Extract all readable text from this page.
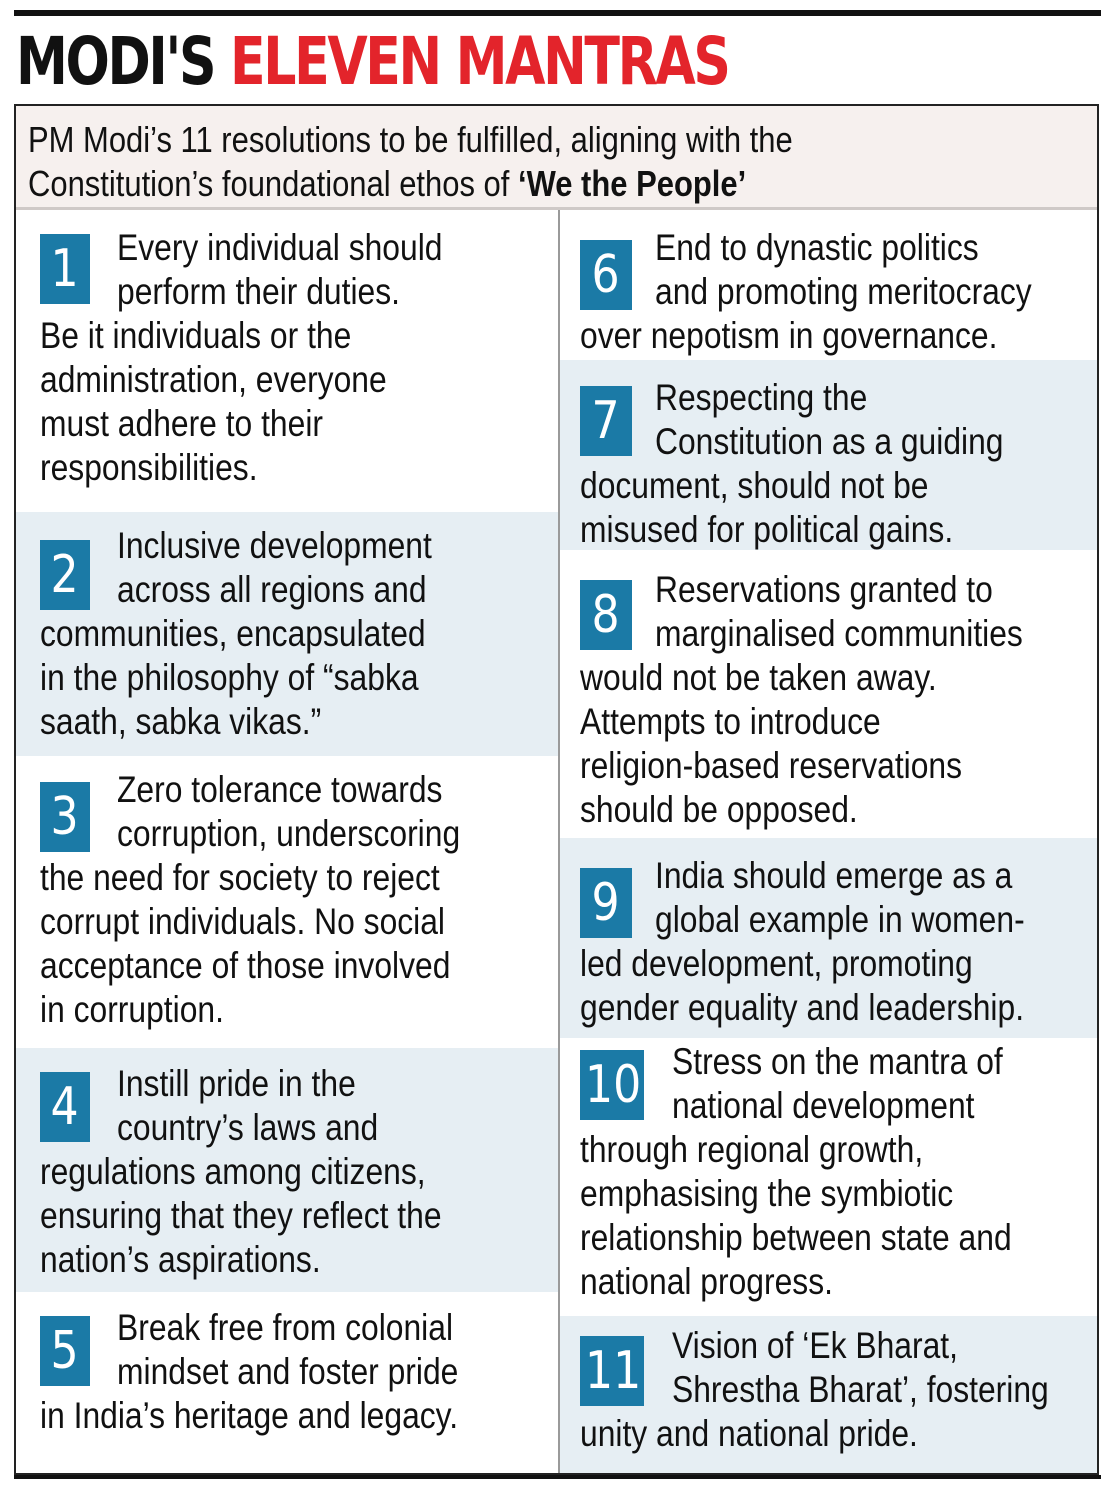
MODI'S ELEVEN MANTRAS
PM Modi’s 11 resolutions to be fulfilled, aligning with the
Constitution’s foundational ethos of ‘We the People’
1 Every individual should
perform their duties.
Be it individuals or the
administration, everyone
must adhere to their
responsibilities.
2 Inclusive development
across all regions and
communities, encapsulated
in the philosophy of “sabka
saath, sabka vikas.”
3 Zero tolerance towards
corruption, underscoring
the need for society to reject
corrupt individuals. No social
acceptance of those involved
in corruption.
4 Instill pride in the
country’s laws and
regulations among citizens,
ensuring that they reflect the
nation’s aspirations.
5 Break free from colonial
mindset and foster pride
in India’s heritage and legacy.
6 End to dynastic politics
and promoting meritocracy
over nepotism in governance.
7 Respecting the
Constitution as a guiding
document, should not be
misused for political gains.
8 Reservations granted to
marginalised communities
would not be taken away.
Attempts to introduce
religion-based reservations
should be opposed.
9 India should emerge as a
global example in women-
led development, promoting
gender equality and leadership.
10 Stress on the mantra of
national development
through regional growth,
emphasising the symbiotic
relationship between state and
national progress.
11 Vision of ‘Ek Bharat,
Shrestha Bharat’, fostering
unity and national pride.
